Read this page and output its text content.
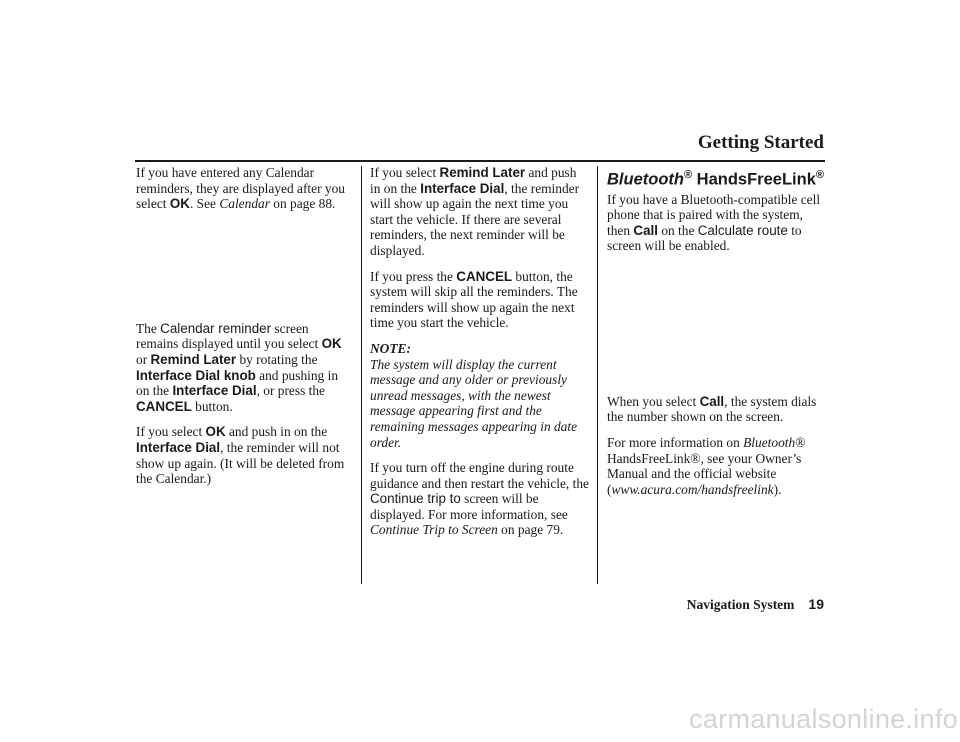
Getting Started

If you have entered any Calendar reminders, they are displayed after you select OK. See Calendar on page 88.

The Calendar reminder screen remains displayed until you select OK or Remind Later by rotating the Interface Dial knob and pushing in on the Interface Dial, or press the CANCEL button.

If you select OK and push in on the Interface Dial, the reminder will not show up again. (It will be deleted from the Calendar.)

If you select Remind Later and push in on the Interface Dial, the reminder will show up again the next time you start the vehicle. If there are several reminders, the next reminder will be displayed.

If you press the CANCEL button, the system will skip all the reminders. The reminders will show up again the next time you start the vehicle.

NOTE:
The system will display the current message and any older or previously unread messages, with the newest message appearing first and the remaining messages appearing in date order.

If you turn off the engine during route guidance and then restart the vehicle, the Continue trip to screen will be displayed. For more information, see Continue Trip to Screen on page 79.

Bluetooth® HandsFreeLink®

If you have a Bluetooth-compatible cell phone that is paired with the system, then Call on the Calculate route to screen will be enabled.

When you select Call, the system dials the number shown on the screen.

For more information on Bluetooth® HandsFreeLink®, see your Owner’s Manual and the official website (www.acura.com/handsfreelink).

Navigation System 19
carmanualsonline.info
